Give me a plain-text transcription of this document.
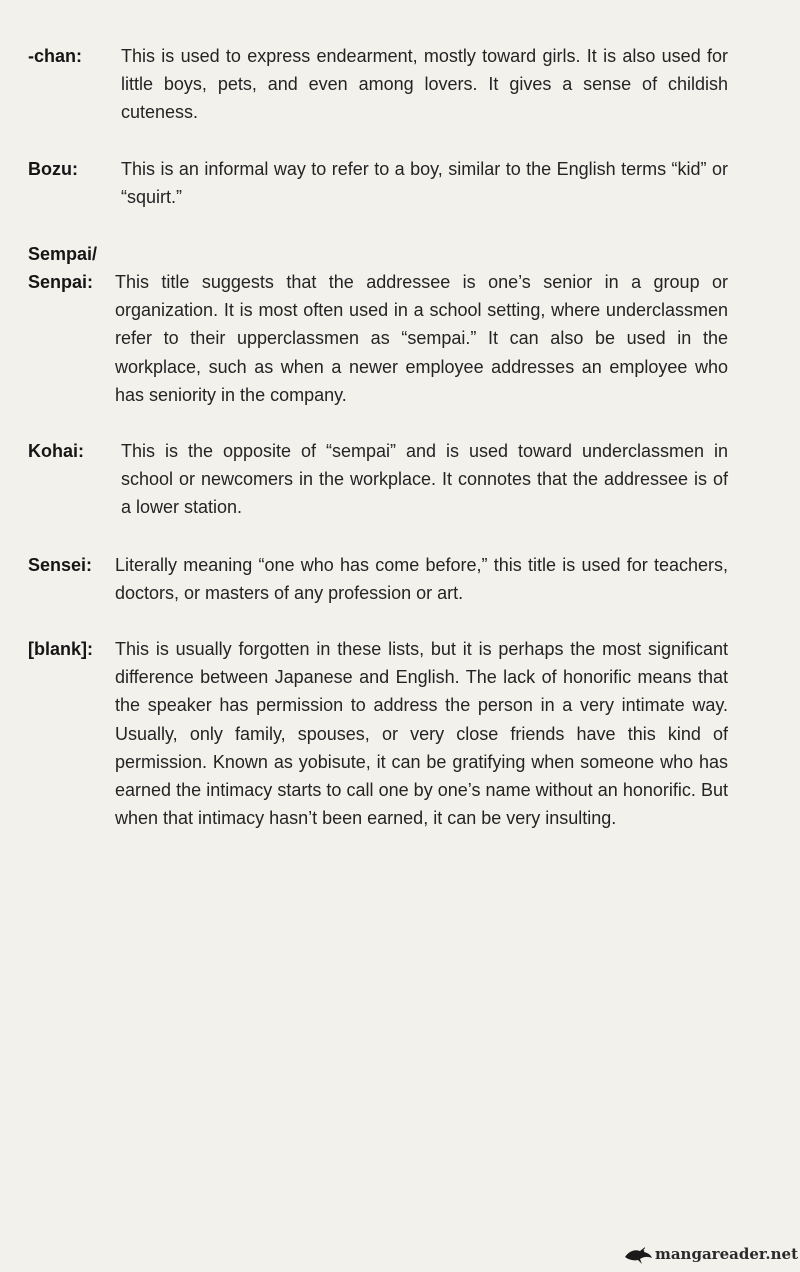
-chan: This is used to express endearment, mostly toward girls. It is also used for little boys, pets, and even among lovers. It gives a sense of childish cuteness.
Bozu: This is an informal way to refer to a boy, similar to the English terms “kid” or “squirt.”
Sempai/
Senpai: This title suggests that the addressee is one’s senior in a group or organization. It is most often used in a school setting, where underclassmen refer to their upperclassmen as “sempai.” It can also be used in the workplace, such as when a newer employee addresses an employee who has seniority in the company.
Kohai: This is the opposite of “sempai” and is used toward underclassmen in school or newcomers in the workplace. It connotes that the addressee is of a lower station.
Sensei: Literally meaning “one who has come before,” this title is used for teachers, doctors, or masters of any profession or art.
[blank]: This is usually forgotten in these lists, but it is perhaps the most significant difference between Japanese and English. The lack of honorific means that the speaker has permission to address the person in a very intimate way. Usually, only family, spouses, or very close friends have this kind of permission. Known as yobisute, it can be gratifying when someone who has earned the intimacy starts to call one by one’s name without an honorific. But when that intimacy hasn’t been earned, it can be very insulting.
mangareader.net
